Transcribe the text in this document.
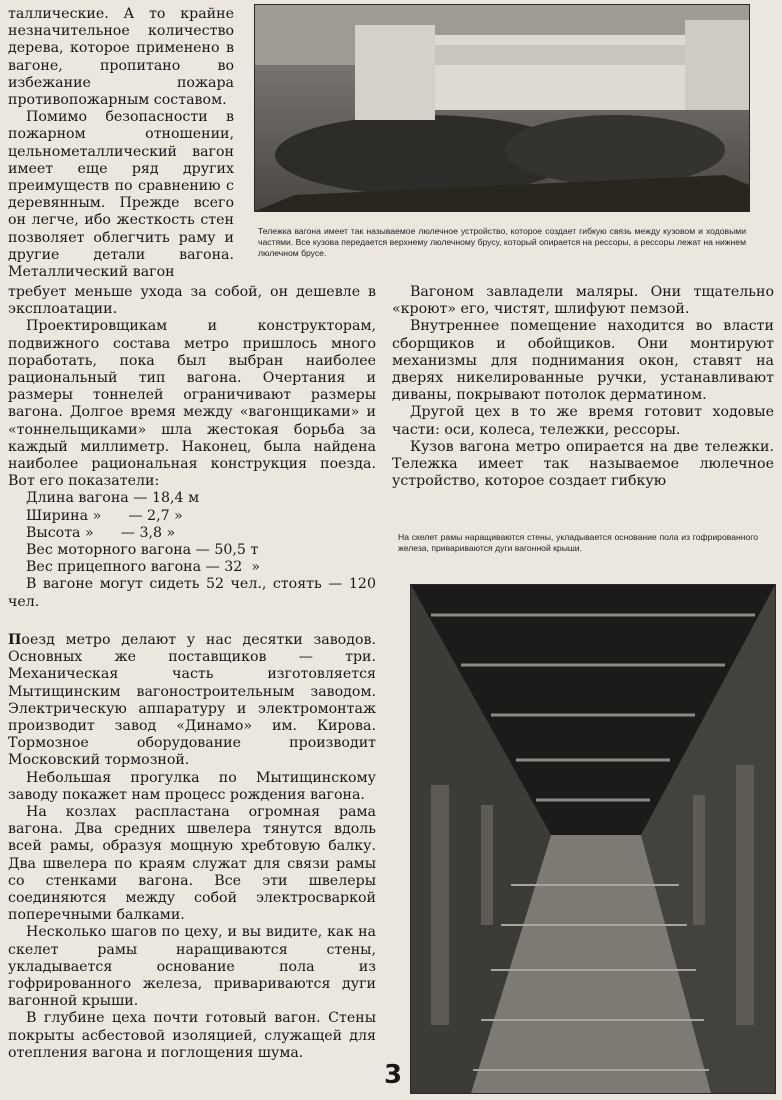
Тележка вагона имеет так называемое люлечное устройство, которое создает гибкую связь между кузовом и ходовыми частями. Все кузова передается верхнему люлечному брусу, который опирается на рессоры, а рессоры лежат на нижнем люлечном брусе.

таллические. А то крайне незначительное количество дерева, которое применено в вагоне, пропитано во избежание пожара противопожарным составом.

Помимо безопасности в пожарном отношении, цельнометаллический вагон имеет еще ряд других преимуществ по сравнению с деревянным. Прежде всего он легче, ибо жесткость стен позволяет облегчить раму и другие детали вагона. Металлический вагон

требует меньше ухода за собой, он дешевле в эксплоатации.

Проектировщикам и конструкторам, подвижного состава метро пришлось много поработать, пока был выбран наиболее рациональный тип вагона. Очертания и размеры тоннелей ограничивают размеры вагона. Долгое время между «вагонщиками» и «тоннельщиками» шла жестокая борьба за каждый миллиметр. Наконец, была найдена наиболее рациональная конструкция поезда. Вот его показатели:

Длина вагона — 18,4 м
Ширина »      — 2,7 »
Высота »      — 3,8 »
Вес моторного вагона — 50,5 т
Вес прицепного вагона — 32  »

В вагоне могут сидеть 52 чел., стоять — 120 чел.

Поезд метро делают у нас десятки заводов. Основных же поставщиков — три. Механическая часть изготовляется Мытищинским вагоностроительным заводом. Электрическую аппаратуру и электромонтаж производит завод «Динамо» им. Кирова. Тормозное оборудование производит Московский тормозной.

Небольшая прогулка по Мытищинскому заводу покажет нам процесс рождения вагона.

На козлах распластана огромная рама вагона. Два средних швелера тянутся вдоль всей рамы, образуя мощную хребтовую балку. Два швелера по краям служат для связи рамы со стенками вагона. Все эти швелеры соединяются между собой электросваркой поперечными балками.

Несколько шагов по цеху, и вы видите, как на скелет рамы наращиваются стены, укладывается основание пола из гофрированного железа, привариваются дуги вагонной крыши.

В глубине цеха почти готовый вагон. Стены покрыты асбестовой изоляцией, служащей для отепления вагона и поглощения шума.

Вагоном завладели маляры. Они тщательно «кроют» его, чистят, шлифуют пемзой.

Внутреннее помещение находится во власти сборщиков и обойщиков. Они монтируют механизмы для поднимания окон, ставят на дверях никелированные ручки, устанавливают диваны, покрывают потолок дерматином.

Другой цех в то же время готовит ходовые части: оси, колеса, тележки, рессоры.

Кузов вагона метро опирается на две тележки. Тележка имеет так называемое люлечное устройство, которое создает гибкую

На скелет рамы наращиваются стены, укладывается основание пола из гофрированного железа, привариваются дуги вагонной крыши.
3
